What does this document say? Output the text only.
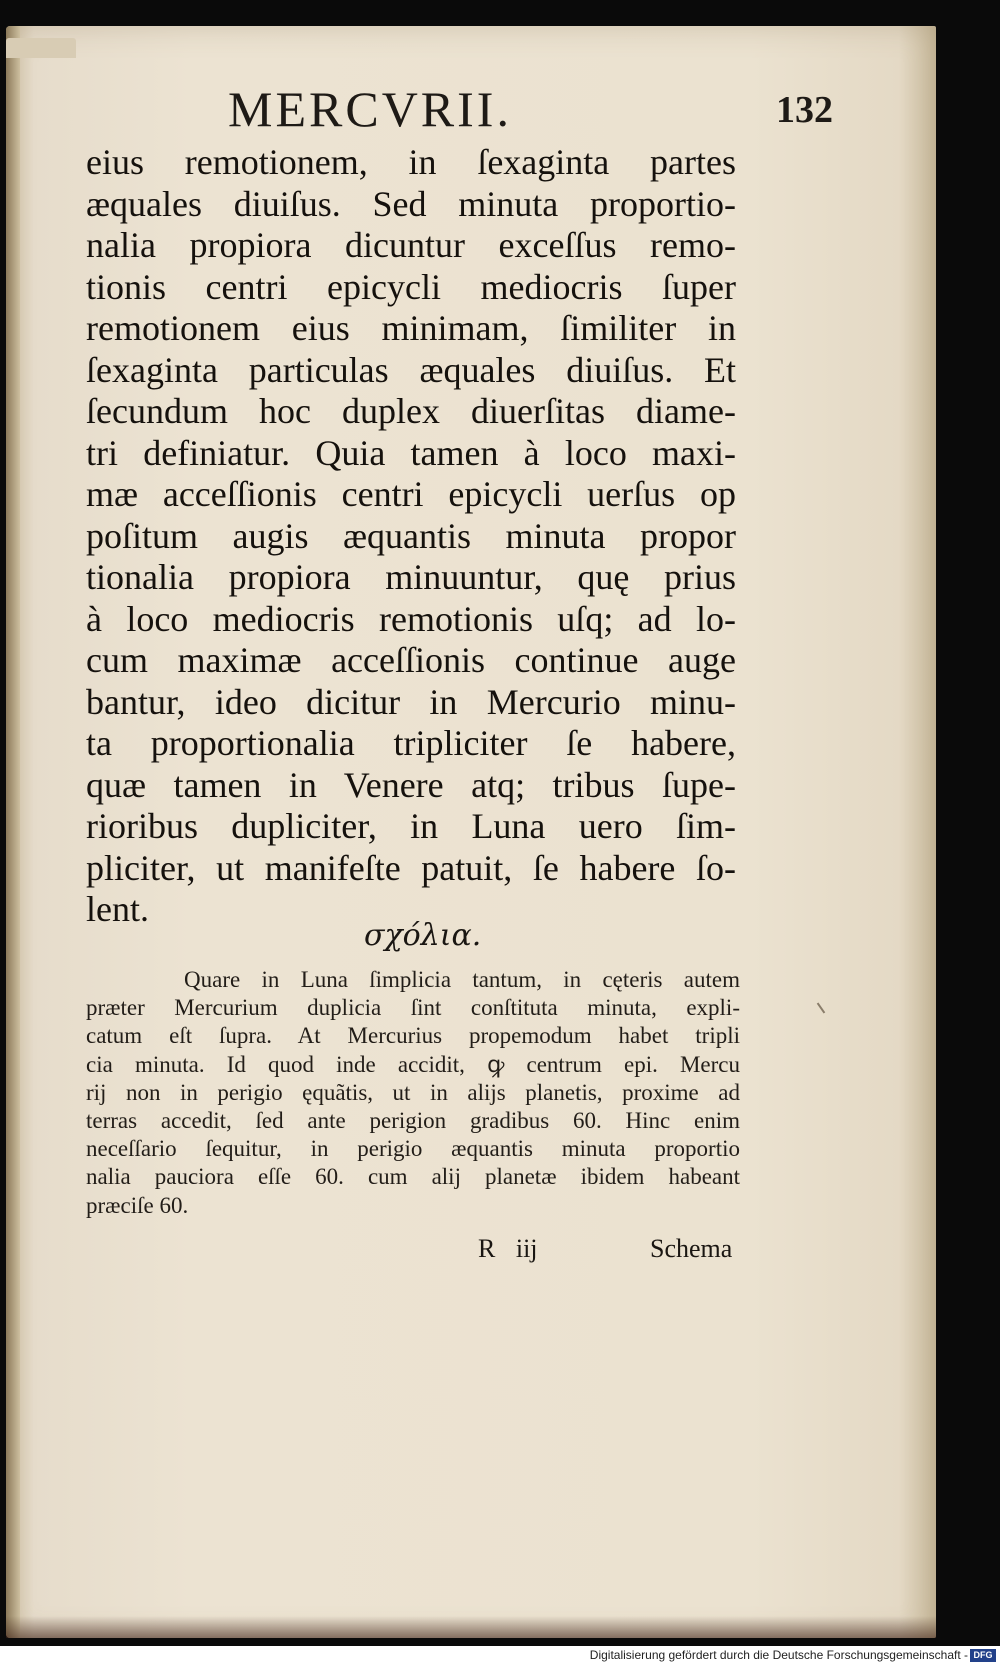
MERCVRII.	132
eius remotionem, in ſexaginta partes
æquales diuiſus. Sed minuta proportio-
nalia propiora dicuntur exceſſus remo-
tionis centri epicycli mediocris ſuper
remotionem eius minimam, ſimiliter in
ſexaginta particulas æquales diuiſus. Et
ſecundum hoc duplex diuerſitas diame-
tri definiatur. Quia tamen à loco maxi-
mæ acceſſionis centri epicycli uerſus op
poſitum augis æquantis minuta propor
tionalia propiora minuuntur, quę prius
à loco mediocris remotionis uſq; ad lo-
cum maximæ acceſſionis continue auge
bantur, ideo dicitur in Mercurio minu-
ta proportionalia tripliciter ſe habere,
quæ tamen in Venere atq; tribus ſupe-
rioribus dupliciter, in Luna uero ſim-
pliciter, ut manifeſte patuit, ſe habere ſo-
lent.
σχόλια.
Quare in Luna ſimplicia tantum, in cęteris autem
præter Mercurium duplicia ſint conſtituta minuta, expli-
catum eſt ſupra. At Mercurius propemodum habet tripli
cia minuta. Id quod inde accidit, ꝙ centrum epi. Mercu
rij non in perigio ęquãtis, ut in alijs planetis, proxime ad
terras accedit, ſed ante perigion gradibus 60. Hinc enim
neceſſario ſequitur, in perigio æquantis minuta proportio
nalia pauciora eſſe 60. cum alij planetæ ibidem habeant
præciſe 60.
R iij	Schema
Digitalisierung gefördert durch die Deutsche Forschungsgemeinschaft - DFG
